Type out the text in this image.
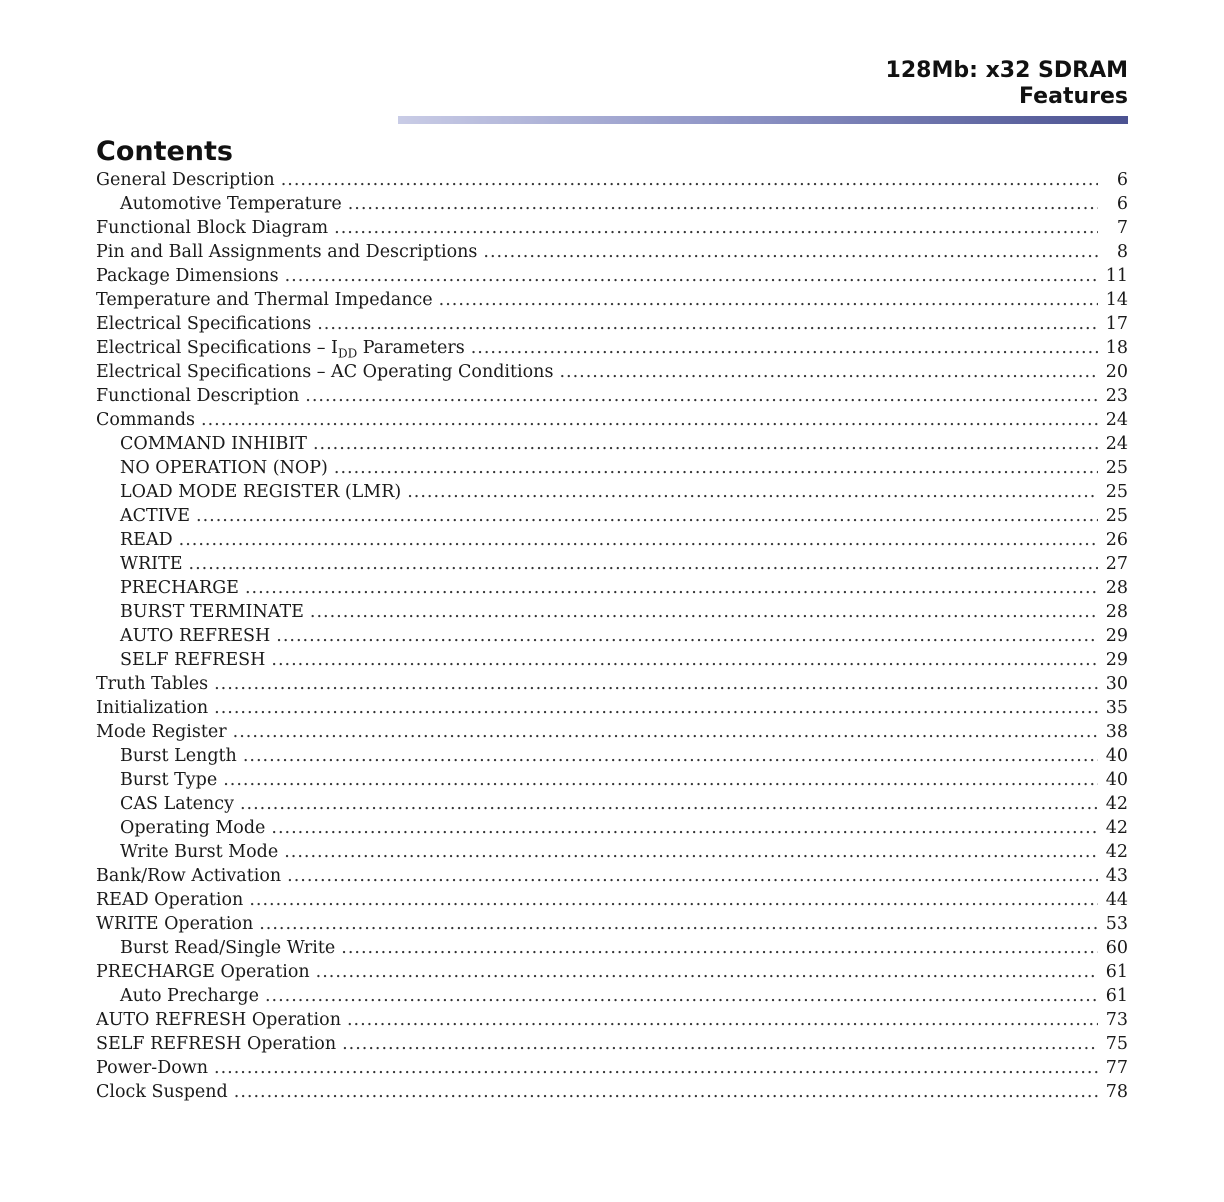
128Mb: x32 SDRAM
Features
Contents
General Description .....	6
Automotive Temperature .....	6
Functional Block Diagram .....	7
Pin and Ball Assignments and Descriptions .....	8
Package Dimensions .....	11
Temperature and Thermal Impedance .....	14
Electrical Specifications .....	17
Electrical Specifications – $I_{DD}$ Parameters .....	18
Electrical Specifications – AC Operating Conditions .....	20
Functional Description .....	23
Commands .....	24
COMMAND INHIBIT .....	24
NO OPERATION (NOP) .....	25
LOAD MODE REGISTER (LMR) .....	25
ACTIVE .....	25
READ .....	26
WRITE .....	27
PRECHARGE .....	28
BURST TERMINATE .....	28
AUTO REFRESH .....	29
SELF REFRESH .....	29
Truth Tables .....	30
Initialization .....	35
Mode Register .....	38
Burst Length .....	40
Burst Type .....	40
CAS Latency .....	42
Operating Mode .....	42
Write Burst Mode .....	42
Bank/Row Activation .....	43
READ Operation .....	44
WRITE Operation .....	53
Burst Read/Single Write .....	60
PRECHARGE Operation .....	61
Auto Precharge .....	61
AUTO REFRESH Operation .....	73
SELF REFRESH Operation .....	75
Power-Down .....	77
Clock Suspend .....	78
